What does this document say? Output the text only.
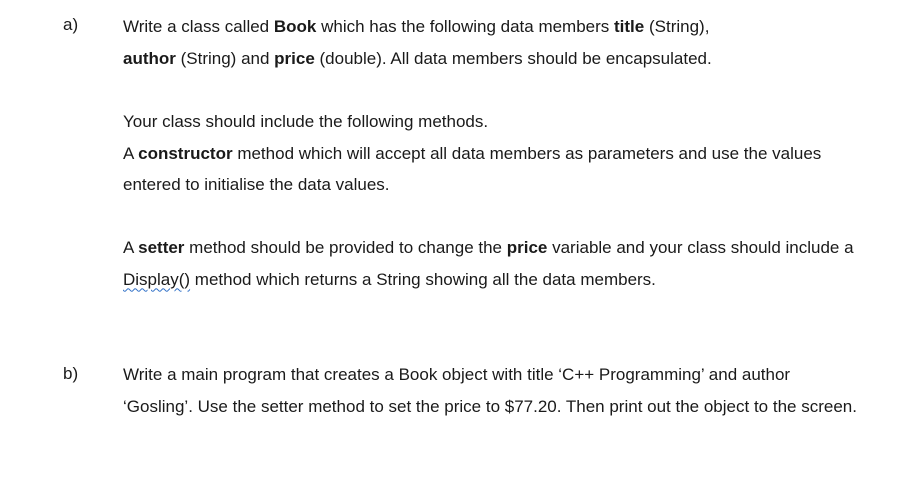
a)	Write a class called Book which has the following data members title (String),
author (String) and price (double). All data members should be encapsulated.

Your class should include the following methods.
A constructor method which will accept all data members as parameters and use the values entered to initialise the data values.

A setter method should be provided to change the price variable and your class should include a Display() method which returns a String showing all the data members.

b)	Write a main program that creates a Book object with title ‘C++ Programming’ and author ‘Gosling’. Use the setter method to set the price to $77.20. Then print out the object to the screen.
